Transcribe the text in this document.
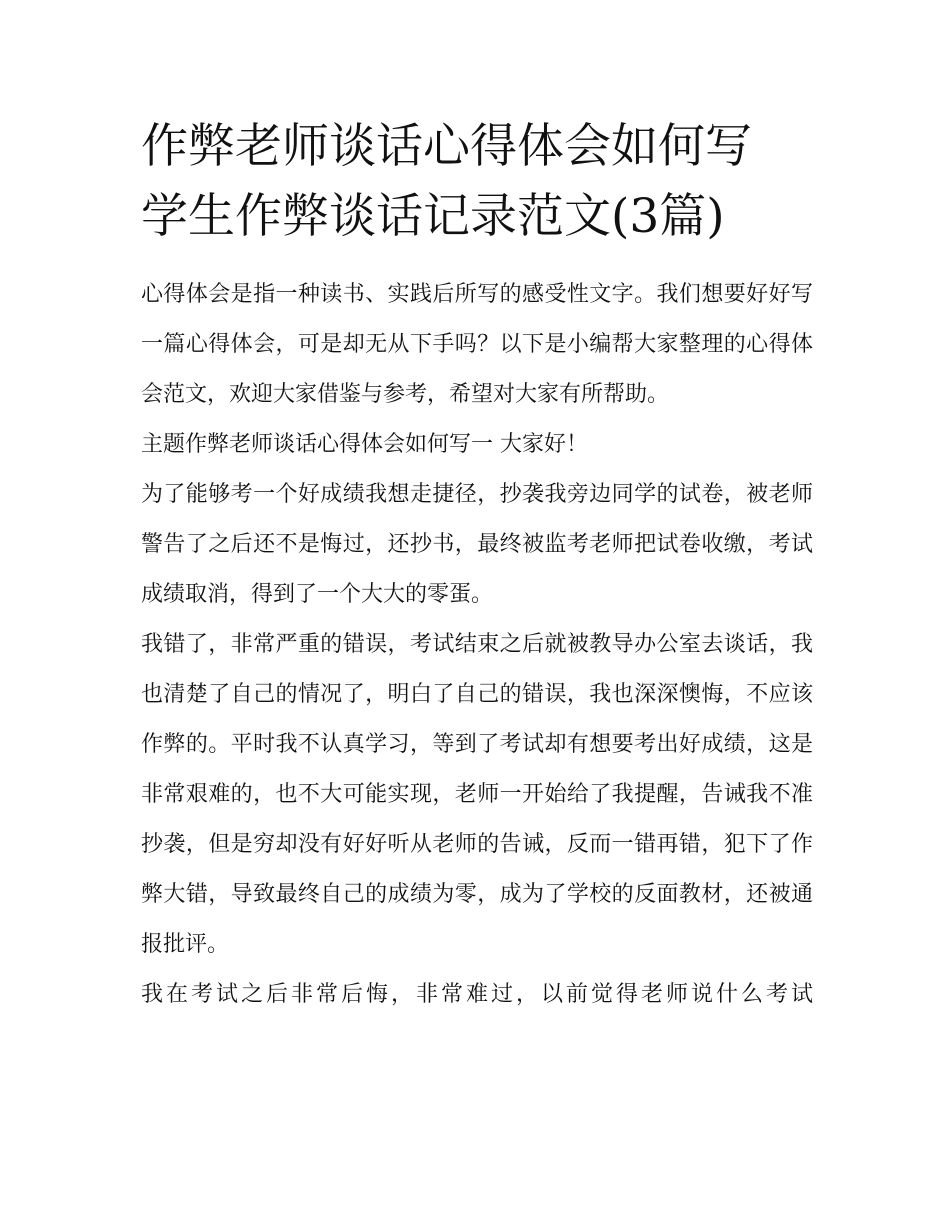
作弊老师谈话心得体会如何写
学生作弊谈话记录范文(3篇)

心得体会是指一种读书、实践后所写的感受性文字。我们想要好好写一篇心得体会，可是却无从下手吗？以下是小编帮大家整理的心得体会范文，欢迎大家借鉴与参考，希望对大家有所帮助。

主题作弊老师谈话心得体会如何写一 大家好！

为了能够考一个好成绩我想走捷径，抄袭我旁边同学的试卷，被老师警告了之后还不是悔过，还抄书，最终被监考老师把试卷收缴，考试成绩取消，得到了一个大大的零蛋。

我错了，非常严重的错误，考试结束之后就被教导办公室去谈话，我也清楚了自己的情况了，明白了自己的错误，我也深深懊悔，不应该作弊的。平时我不认真学习，等到了考试却有想要考出好成绩，这是非常艰难的，也不大可能实现，老师一开始给了我提醒，告诫我不准抄袭，但是穷却没有好好听从老师的告诫，反而一错再错，犯下了作弊大错，导致最终自己的成绩为零，成为了学校的反面教材，还被通报批评。

我在考试之后非常后悔，非常难过，以前觉得老师说什么考试
